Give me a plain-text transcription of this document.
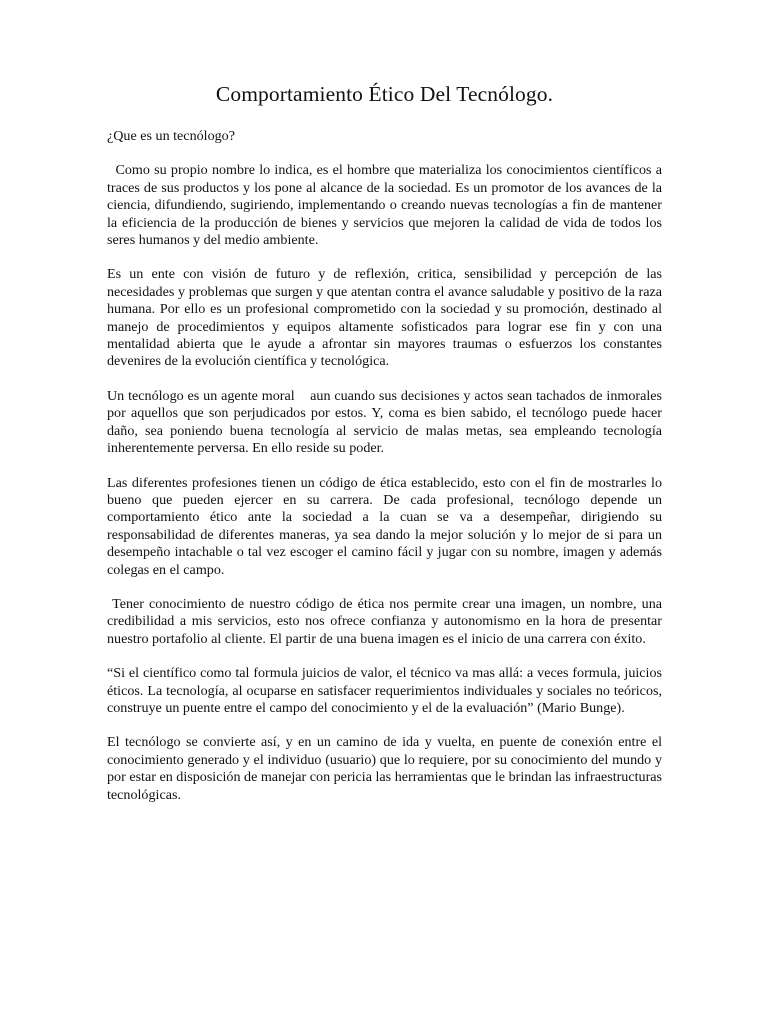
Comportamiento Ético Del Tecnólogo.

¿Que es un tecnólogo?

Como su propio nombre lo indica, es el hombre que materializa los conocimientos científicos a traces de sus productos y los pone al alcance de la sociedad. Es un promotor de los avances de la ciencia, difundiendo, sugiriendo, implementando o creando nuevas tecnologías a fin de mantener la eficiencia de la producción de bienes y servicios que mejoren la calidad de vida de todos los seres humanos y del medio ambiente.

Es un ente con visión de futuro y de reflexión, critica, sensibilidad y percepción de las necesidades y problemas que surgen y que atentan contra el avance saludable y positivo de la raza humana. Por ello es un profesional comprometido con la sociedad y su promoción, destinado al manejo de procedimientos y equipos altamente sofisticados para lograr ese fin y con una mentalidad abierta que le ayude a afrontar sin mayores traumas o esfuerzos los constantes devenires de la evolución científica y tecnológica.

Un tecnólogo es un agente moral    aun cuando sus decisiones y actos sean tachados de inmorales por aquellos que son perjudicados por estos. Y, coma es bien sabido, el tecnólogo puede hacer daño, sea poniendo buena tecnología al servicio de malas metas, sea empleando tecnología inherentemente perversa. En ello reside su poder.

Las diferentes profesiones tienen un código de ética establecido, esto con el fin de mostrarles lo bueno que pueden ejercer en su carrera. De cada profesional, tecnólogo depende un comportamiento ético ante la sociedad a la cuan se va a desempeñar, dirigiendo su responsabilidad de diferentes maneras, ya sea dando la mejor solución y lo mejor de si para un desempeño intachable o tal vez escoger el camino fácil y jugar con su nombre, imagen y además colegas en el campo.

Tener conocimiento de nuestro código de ética nos permite crear una imagen, un nombre, una credibilidad a mis servicios, esto nos ofrece confianza y autonomismo en la hora de presentar nuestro portafolio al cliente. El partir de una buena imagen es el inicio de una carrera con éxito.

“Si el científico como tal formula juicios de valor, el técnico va mas allá: a veces formula, juicios éticos. La tecnología, al ocuparse en satisfacer requerimientos individuales y sociales no teóricos, construye un puente entre el campo del conocimiento y el de la evaluación” (Mario Bunge).

El tecnólogo se convierte así, y en un camino de ida y vuelta, en puente de conexión entre el conocimiento generado y el individuo (usuario) que lo requiere, por su conocimiento del mundo y por estar en disposición de manejar con pericia las herramientas que le brindan las infraestructuras tecnológicas.
